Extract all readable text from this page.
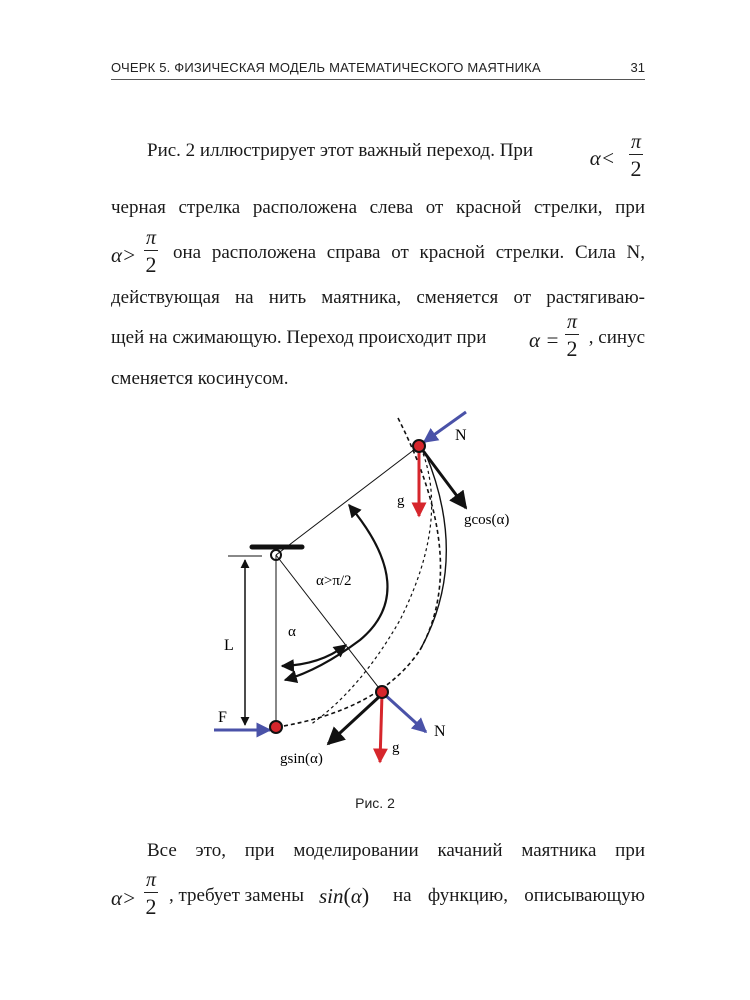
ОЧЕРК 5. ФИЗИЧЕСКАЯ МОДЕЛЬ МАТЕМАТИЧЕСКОГО МАЯТНИКА	31
Рис. 2 иллюстрирует этот важный переход. При	$\alpha< \frac{\pi}{2}$
черная стрелка расположена слева от красной стрелки, при
$\alpha> \frac{\pi}{2}$ она расположена справа от красной стрелки. Сила N,
действующая на нить маятника, сменяется от растягиваю-
щей на сжимающую. Переход происходит при $\alpha = \frac{\pi}{2}$ , синус
сменяется косинусом.
N
g
gcos(α)
α>π/2
α
L
F
gsin(α)
g
N
Рис. 2
Все это, при моделировании качаний маятника при
$\alpha> \frac{\pi}{2}$ , требует замены sin(α) на функцию, описывающую
